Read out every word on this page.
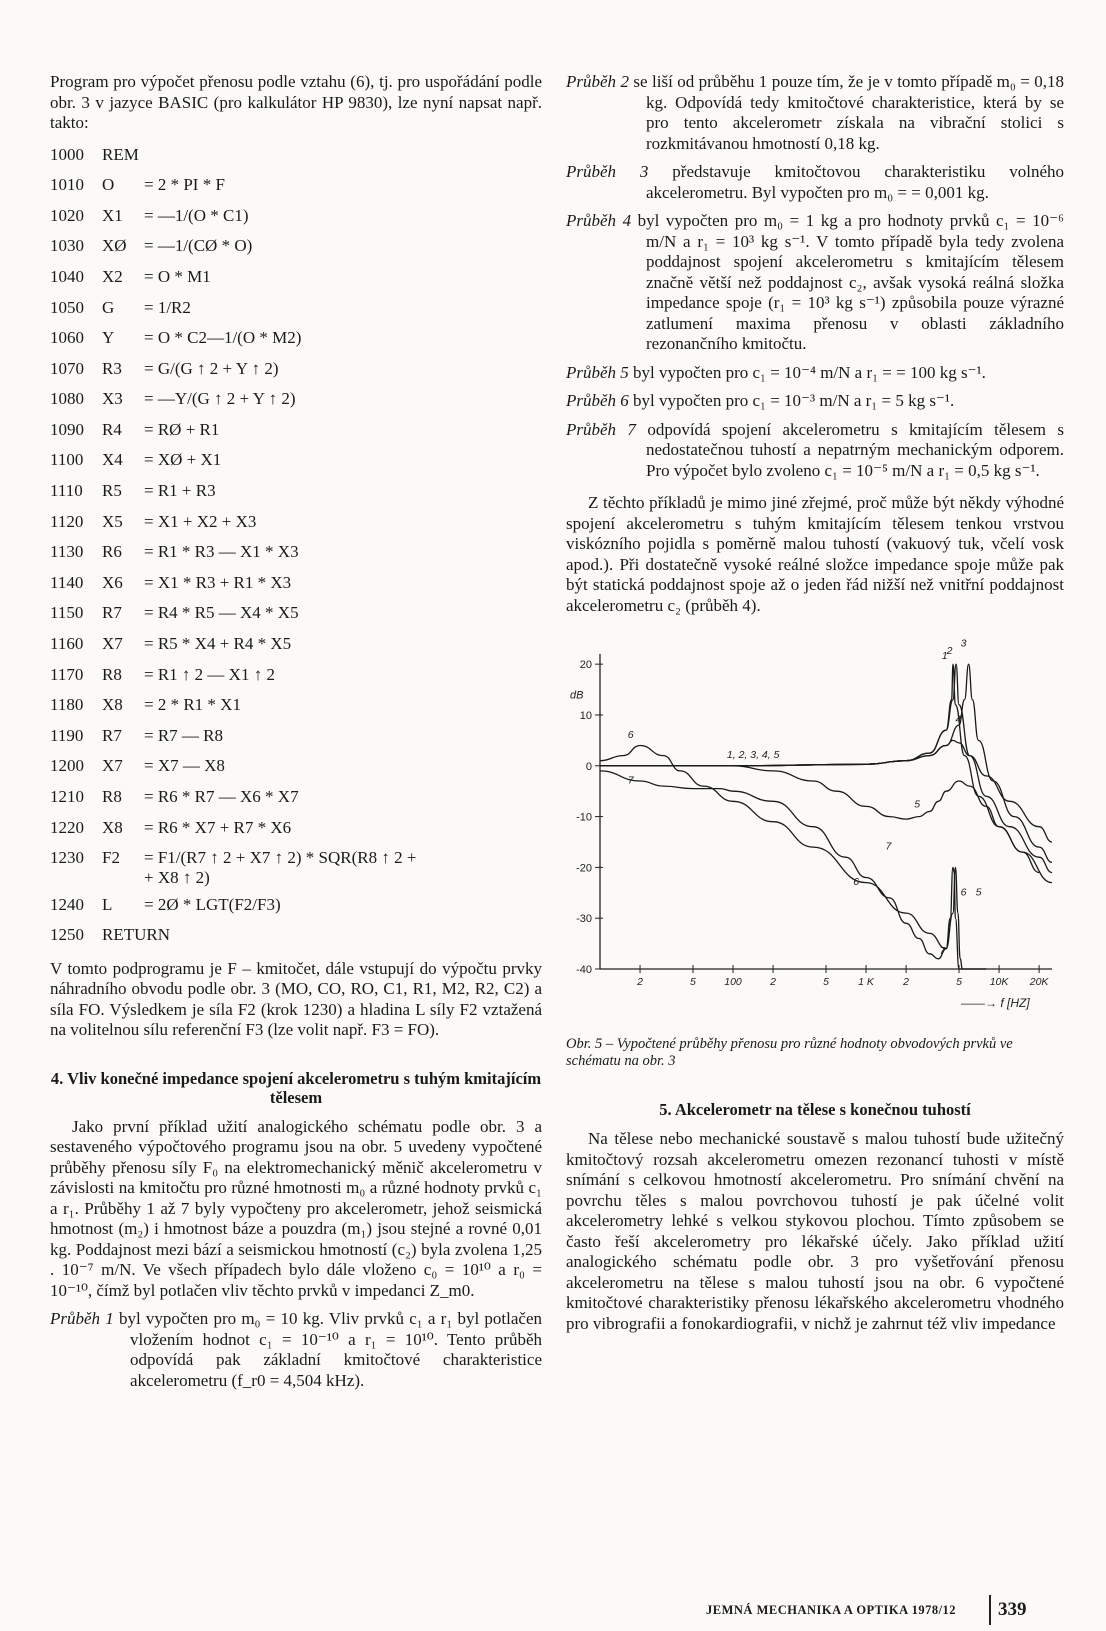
Program pro výpočet přenosu podle vztahu (6), tj. pro uspořádání podle obr. 3 v jazyce BASIC (pro kalkulátor HP 9830), lze nyní napsat např. takto:

1000	REM
1010	O	= 2 * PI * F
1020	X1	= —1/(O * C1)
1030	XØ	= —1/(CØ * O)
1040	X2	= O * M1
1050	G	= 1/R2
1060	Y	= O * C2—1/(O * M2)
1070	R3	= G/(G ↑ 2 + Y ↑ 2)
1080	X3	= —Y/(G ↑ 2 + Y ↑ 2)
1090	R4	= RØ + R1
1100	X4	= XØ + X1
1110	R5	= R1 + R3
1120	X5	= X1 + X2 + X3
1130	R6	= R1 * R3 — X1 * X3
1140	X6	= X1 * R3 + R1 * X3
1150	R7	= R4 * R5 — X4 * X5
1160	X7	= R5 * X4 + R4 * X5
1170	R8	= R1 ↑ 2 — X1 ↑ 2
1180	X8	= 2 * R1 * X1
1190	R7	= R7 — R8
1200	X7	= X7 — X8
1210	R8	= R6 * R7 — X6 * X7
1220	X8	= R6 * X7 + R7 * X6
1230	F2	= F1/(R7 ↑ 2 + X7 ↑ 2) * SQR(R8 ↑ 2 +
+ X8 ↑ 2)
1240	L	= 2Ø * LGT(F2/F3)
1250	RETURN

V tomto podprogramu je F – kmitočet, dále vstupují do výpočtu prvky náhradního obvodu podle obr. 3 (MO, CO, RO, C1, R1, M2, R2, C2) a síla FO. Výsledkem je síla F2 (krok 1230) a hladina L síly F2 vztažená na volitelnou sílu referenční F3 (lze volit např. F3 = FO).

4. Vliv konečné impedance spojení akcelerometru s tuhým kmitajícím tělesem

Jako první příklad užití analogického schématu podle obr. 3 a sestaveného výpočtového programu jsou na obr. 5 uvedeny vypočtené průběhy přenosu síly F₀ na elektromechanický měnič akcelerometru v závislosti na kmitočtu pro různé hmotnosti m₀ a různé hodnoty prvků c₁ a r₁. Průběhy 1 až 7 byly vypočteny pro akcelerometr, jehož seismická hmotnost (m₂) i hmotnost báze a pouzdra (m₁) jsou stejné a rovné 0,01 kg. Poddajnost mezi bází a seismickou hmotností (c₂) byla zvolena 1,25 . 10⁻⁷ m/N. Ve všech případech bylo dále vloženo c₀ = 10¹⁰ a r₀ = 10⁻¹⁰, čímž byl potlačen vliv těchto prvků v impedanci Z_m0.

Průběh 1 byl vypočten pro m₀ = 10 kg. Vliv prvků c₁ a r₁ byl potlačen vložením hodnot c₁ = 10⁻¹⁰ a r₁ = 10¹⁰. Tento průběh odpovídá pak základní kmitočtové charakteristice akcelerometru (f_r0 = 4,504 kHz).

Průběh 2 se liší od průběhu 1 pouze tím, že je v tomto případě m₀ = 0,18 kg. Odpovídá tedy kmitočtové charakteristice, která by se pro tento akcelerometr získala na vibrační stolici s rozkmitávanou hmotností 0,18 kg.

Průběh 3 představuje kmitočtovou charakteristiku volného akcelerometru. Byl vypočten pro m₀ = = 0,001 kg.

Průběh 4 byl vypočten pro m₀ = 1 kg a pro hodnoty prvků c₁ = 10⁻⁶ m/N a r₁ = 10³ kg s⁻¹. V tomto případě byla tedy zvolena poddajnost spojení akcelerometru s kmitajícím tělesem značně větší než poddajnost c₂, avšak vysoká reálná složka impedance spoje (r₁ = 10³ kg s⁻¹) způsobila pouze výrazné zatlumení maxima přenosu v oblasti základního rezonančního kmitočtu.

Průběh 5 byl vypočten pro c₁ = 10⁻⁴ m/N a r₁ = = 100 kg s⁻¹.

Průběh 6 byl vypočten pro c₁ = 10⁻³ m/N a r₁ = 5 kg s⁻¹.

Průběh 7 odpovídá spojení akcelerometru s kmitajícím tělesem s nedostatečnou tuhostí a nepatrným mechanickým odporem. Pro výpočet bylo zvoleno c₁ = 10⁻⁵ m/N a r₁ = 0,5 kg s⁻¹.

Z těchto příkladů je mimo jiné zřejmé, proč může být někdy výhodné spojení akcelerometru s tuhým kmitajícím tělesem tenkou vrstvou viskózního pojidla s poměrně malou tuhostí (vakuový tuk, včelí vosk apod.). Při dostatečně vysoké reálné složce impedance spoje může pak být statická poddajnost spoje až o jeden řád nižší než vnitřní poddajnost akcelerometru c₂ (průběh 4).

20
10
0
-10
-20
-30
-40
dB
2	5	100	2	5	1 K	2	5	10K 20K
——→ f [HZ]
1, 2, 3, 4, 5
6
7
5
6
7
1 2
3
4
6 5
7
Obr. 5 – Vypočtené průběhy přenosu pro různé hodnoty obvodových prvků ve schématu na obr. 3
5. Akcelerometr na tělese s konečnou tuhostí

Na tělese nebo mechanické soustavě s malou tuhostí bude užitečný kmitočtový rozsah akcelerometru omezen rezonancí tuhosti v místě snímání s celkovou hmotností akcelerometru. Pro snímání chvění na povrchu těles s malou povrchovou tuhostí je pak účelné volit akcelerometry lehké s velkou stykovou plochou. Tímto způsobem se často řeší akcelerometry pro lékařské účely. Jako příklad užití analogického schématu podle obr. 3 pro vyšetřování přenosu akcelerometru na tělese s malou tuhostí jsou na obr. 6 vypočtené kmitočtové charakteristiky přenosu lékařského akcelerometru vhodného pro vibrografii a fonokardiografii, v nichž je zahrnut též vliv impedance

JEMNÁ MECHANIKA A OPTIKA 1978/12 339
